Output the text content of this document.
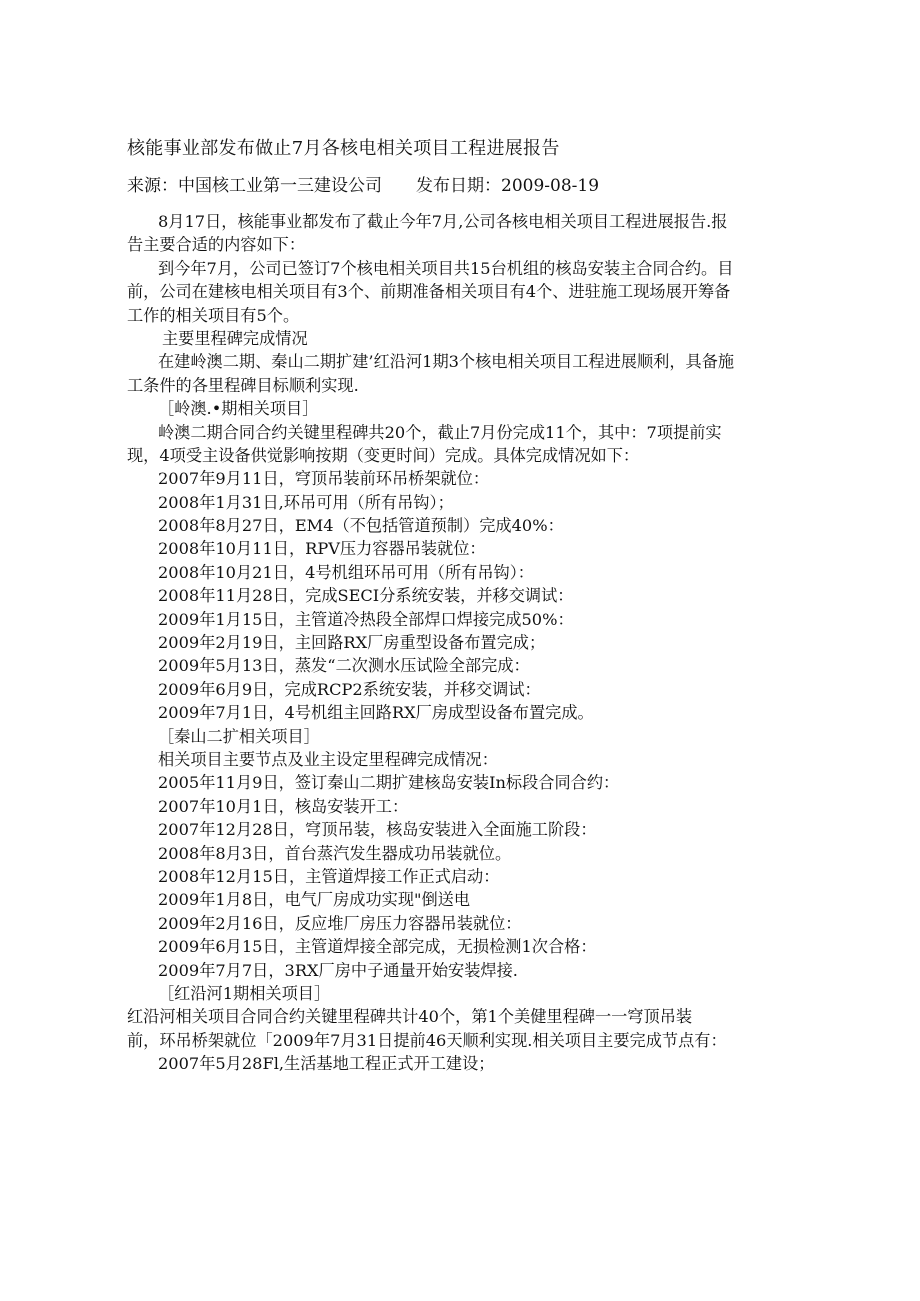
核能事业部发布做止7月各核电相关项目工程进展报告
来源：中国核工业第一三建设公司 发布日期：2009-08-19
8月17日，核能事业都发布了截止今年7月,公司各核电相关项目工程进展报告.报
告主要合适的内容如下：
到今年7月，公司已签订7个核电相关项目共15台机组的核岛安装主合同合约。目
前，公司在建核电相关项目有3个、前期准备相关项目有4个、进驻施工现场展开筹备
工作的相关项目有5个。
主要里程碑完成情况
在建岭澳二期、秦山二期扩建’红沿河1期3个核电相关项目工程进展顺利，具备施
工条件的各里程碑目标顺利实现.
［岭澳.•期相关项目］
岭澳二期合同合约关键里程碑共20个，截止7月份完成11个，其中：7项提前实
现，4项受主设备供觉影响按期（变更时间）完成。具体完成情况如下：
2007年9月11日，穹顶吊装前环吊桥架就位：
2008年1月31日,环吊可用（所有吊钩）；
2008年8月27日，EM4（不包括管道预制）完成40%：
2008年10月11日，RPV压力容器吊装就位：
2008年10月21日，4号机组环吊可用（所有吊钩）：
2008年11月28日，完成SECI分系统安装，并移交调试：
2009年1月15日，主管道冷热段全部焊口焊接完成50%：
2009年2月19日，主回路RX厂房重型设备布置完成；
2009年5月13日，蒸发“二次测水压试险全部完成：
2009年6月9日，完成RCP2系统安装，并移交调试：
2009年7月1日，4号机组主回路RX厂房成型设备布置完成。
［秦山二扩相关项目］
相关项目主要节点及业主设定里程碑完成情况：
2005年11月9日，签订秦山二期扩建核岛安装In标段合同合约：
2007年10月1日，核岛安装开工：
2007年12月28日，穹顶吊装，核岛安装进入全面施工阶段：
2008年8月3日，首台蒸汽发生器成功吊装就位。
2008年12月15日，主管道焊接工作正式启动：
2009年1月8日，电气厂房成功实现"倒送电
2009年2月16日，反应堆厂房压力容器吊装就位：
2009年6月15日，主管道焊接全部完成，无损检测1次合格：
2009年7月7日，3RX厂房中子通量开始安装焊接.
［红沿河1期相关项目］
红沿河相关项目合同合约关键里程碑共计40个，第1个美健里程碑一一穹顶吊装
前，环吊桥架就位「2009年7月31日提前46天顺利实现.相关项目主要完成节点有：
2007年5月28Fl,生活基地工程正式开工建设；
